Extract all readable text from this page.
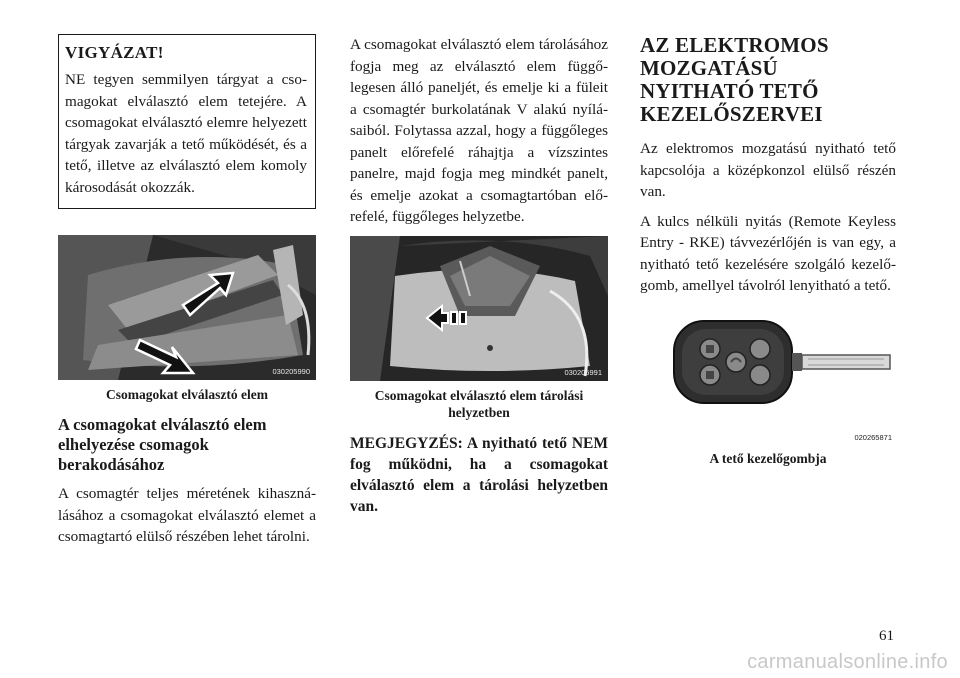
VIGYÁZAT!

NE tegyen semmilyen tárgyat a csomagokat elválasztó elem tetejére. A csomagokat elválasztó elemre helyezett tárgyak zavarják a tető működését, és a tető, illetve az elválasztó elem komoly károsodását okozzák.

030205990
Csomagokat elválasztó elem
A csomagokat elválasztó elem elhelyezése csomagok berakodásához

A csomagtér teljes méretének kihasználásához a csomagokat elválasztó elemet a csomagtartó elülső részében lehet tárolni.

A csomagokat elválasztó elem tárolásához fogja meg az elválasztó elem függőlegesen álló paneljét, és emelje ki a füleit a csomagtér burkolatának V alakú nyílásaiból. Folytassa azzal, hogy a függőleges panelt előrefelé ráhajtja a vízszintes panelre, majd fogja meg mindkét panelt, és emelje azokat a csomagtartóban előrefelé, függőleges helyzetbe.

030205991
Csomagokat elválasztó elem tárolási helyzetben
MEGJEGYZÉS: A nyitható tető NEM fog működni, ha a csomagokat elválasztó elem a tárolási helyzetben van.
AZ ELEKTROMOS MOZGATÁSÚ NYITHATÓ TETŐ KEZELŐSZERVEI

Az elektromos mozgatású nyitható tető kapcsolója a középkonzol elülső részén van.

A kulcs nélküli nyitás (Remote Keyless Entry - RKE) távvezérlőjén is van egy, a nyitható tető kezelésére szolgáló kezelőgomb, amellyel távolról lenyitható a tető.

020265871
A tető kezelőgombja
61
carmanualsonline.info
